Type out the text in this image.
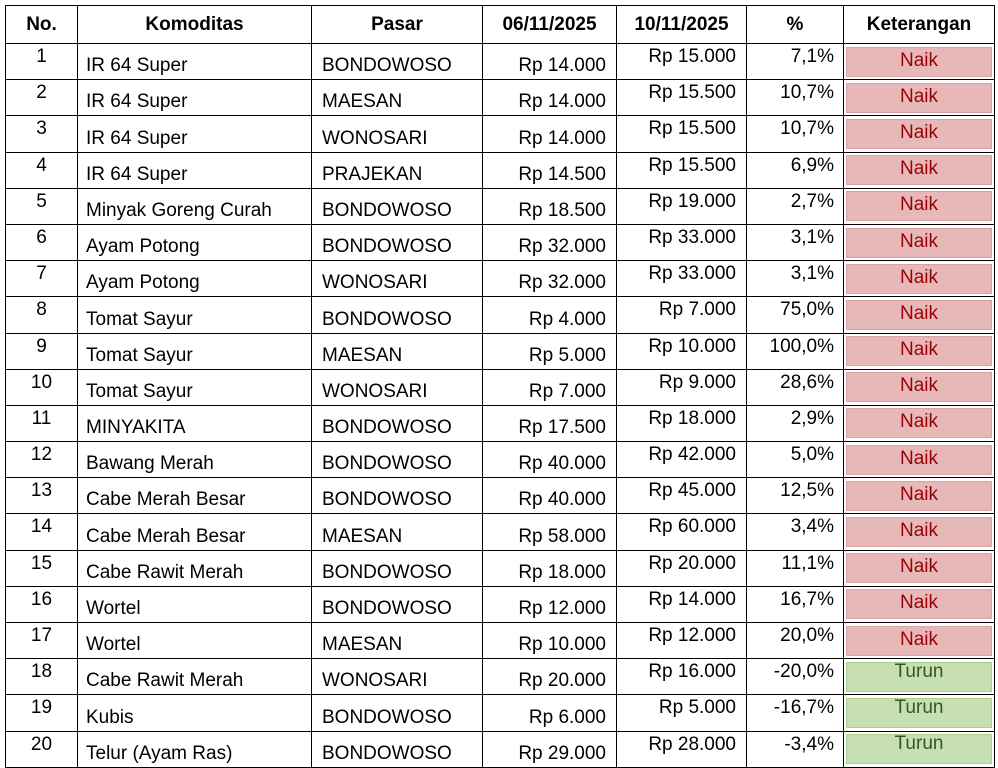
No.	Komoditas	Pasar	06/11/2025	10/11/2025	%	Keterangan
1	IR 64 Super	BONDOWOSO	Rp 14.000	Rp 15.000	7,1%	Naik

2	IR 64 Super	MAESAN	Rp 14.000	Rp 15.500	10,7%	Naik

3	IR 64 Super	WONOSARI	Rp 14.000	Rp 15.500	10,7%	Naik

4	IR 64 Super	PRAJEKAN	Rp 14.500	Rp 15.500	6,9%	Naik

5	Minyak Goreng Curah	BONDOWOSO	Rp 18.500	Rp 19.000	2,7%	Naik

6	Ayam Potong	BONDOWOSO	Rp 32.000	Rp 33.000	3,1%	Naik

7	Ayam Potong	WONOSARI	Rp 32.000	Rp 33.000	3,1%	Naik

8	Tomat Sayur	BONDOWOSO	Rp 4.000	Rp 7.000	75,0%	Naik

9	Tomat Sayur	MAESAN	Rp 5.000	Rp 10.000	100,0%	Naik

10	Tomat Sayur	WONOSARI	Rp 7.000	Rp 9.000	28,6%	Naik

11	MINYAKITA	BONDOWOSO	Rp 17.500	Rp 18.000	2,9%	Naik

12	Bawang Merah	BONDOWOSO	Rp 40.000	Rp 42.000	5,0%	Naik

13	Cabe Merah Besar	BONDOWOSO	Rp 40.000	Rp 45.000	12,5%	Naik

14	Cabe Merah Besar	MAESAN	Rp 58.000	Rp 60.000	3,4%	Naik

15	Cabe Rawit Merah	BONDOWOSO	Rp 18.000	Rp 20.000	11,1%	Naik

16	Wortel	BONDOWOSO	Rp 12.000	Rp 14.000	16,7%	Naik

17	Wortel	MAESAN	Rp 10.000	Rp 12.000	20,0%	Naik

18	Cabe Rawit Merah	WONOSARI	Rp 20.000	Rp 16.000	-20,0%	Turun

19	Kubis	BONDOWOSO	Rp 6.000	Rp 5.000	-16,7%	Turun

20	Telur (Ayam Ras)	BONDOWOSO	Rp 29.000	Rp 28.000	-3,4%	Turun
